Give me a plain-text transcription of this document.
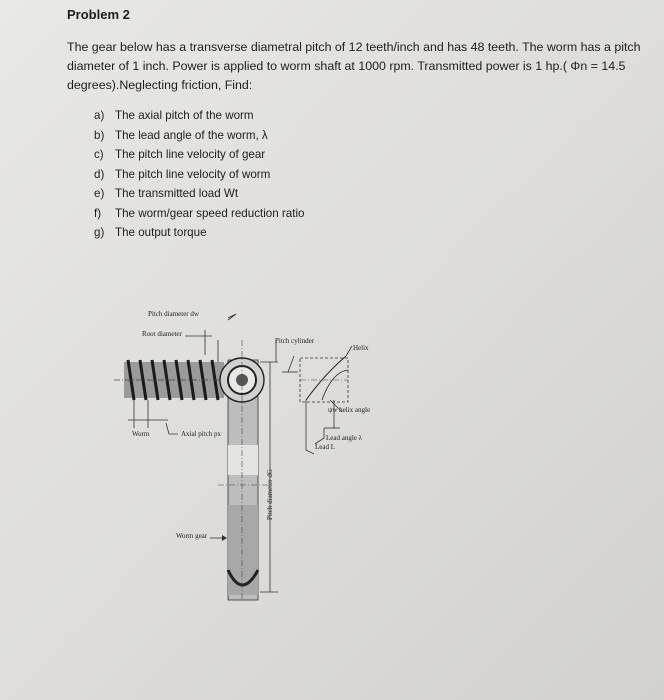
Problem 2
The gear below has a transverse diametral pitch of 12 teeth/inch and has 48 teeth. The worm has a pitch
diameter of 1 inch. Power is applied to worm shaft at 1000 rpm. Transmitted power is 1 hp.( Φn = 14.5
degrees).Neglecting friction, Find:
a) The axial pitch of the worm
b) The lead angle of the worm, λ
c) The pitch line velocity of gear
d) The pitch line velocity of worm
e) The transmitted load Wt
f)	The worm/gear speed reduction ratio
g) The output torque
Pitch diameter dw
Root diameter
Pitch cylinder
Helix
ψw helix angle
Worm	Axial pitch px	Lead angle λ
Lead L
Pitch diameter dG
Worm gear
